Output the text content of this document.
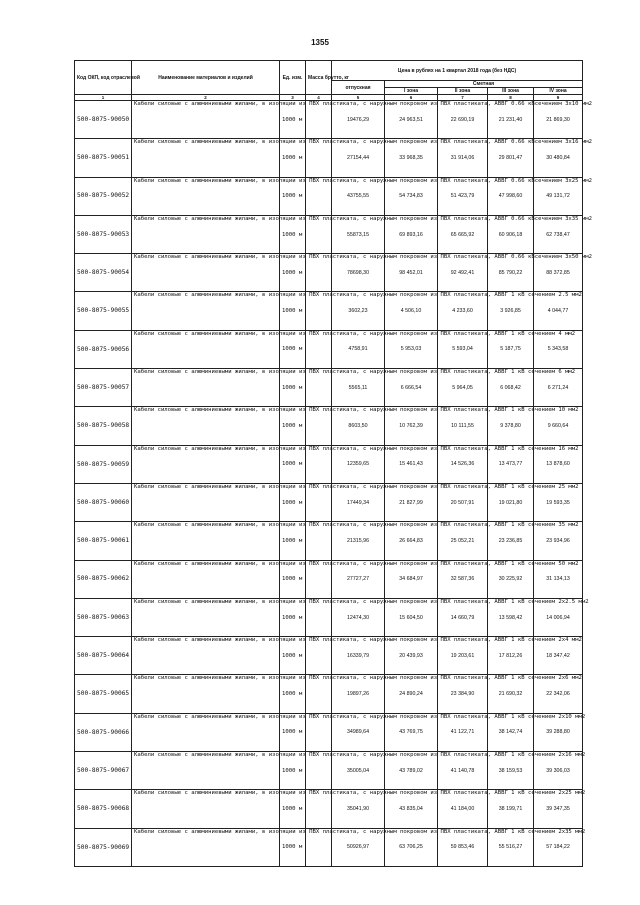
1355
Код ОКП, код отраслевой	Наименование материалов и изделий	Ед. изм.	Масса брутто, кг	Цена в рублях на 1 квартал 2018 года (без НДС)				
				отпускная	Сметная			
					I зона	II зона	III зона	IV зона
1	2	3	4	5	6	7	8	9
500-8075-90050	Кабели силовые с алюминиевыми жилами, в изоляции из ПВХ пластиката, с наружным покровом из ПВХ пластиката, АВВГ 0.66 кВсечением 3х10 мм2	1000 м		19476,29	24 963,51	22 690,19	21 231,40	21 869,30
500-8075-90051	Кабели силовые с алюминиевыми жилами, в изоляции из ПВХ пластиката, с наружным покровом из ПВХ пластиката, АВВГ 0.66 кВсечением 3х16 мм2	1000 м		27154,44	33 968,35	31 914,06	29 801,47	30 480,84
500-8075-90052	Кабели силовые с алюминиевыми жилами, в изоляции из ПВХ пластиката, с наружным покровом из ПВХ пластиката, АВВГ 0.66 кВсечением 3х25 мм2	1000 м		43755,55	54 734,83	51 423,79	47 998,60	49 131,72
500-8075-90053	Кабели силовые с алюминиевыми жилами, в изоляции из ПВХ пластиката, с наружным покровом из ПВХ пластиката, АВВГ 0.66 кВсечением 3х35 мм2	1000 м		55873,15	69 893,16	65 665,92	60 906,18	62 738,47
500-8075-90054	Кабели силовые с алюминиевыми жилами, в изоляции из ПВХ пластиката, с наружным покровом из ПВХ пластиката, АВВГ 0.66 кВсечением 3х50 мм2	1000 м		78698,30	98 452,01	92 492,41	85 790,22	88 372,85
500-8075-90055	Кабели силовые с алюминиевыми жилами, в изоляции из ПВХ пластиката, с наружным покровом из ПВХ пластиката, АВВГ 1 кВ сечением 2.5 мм2	1000 м		3602,23	4 506,10	4 233,60	3 926,85	4 044,77
500-8075-90056	Кабели силовые с алюминиевыми жилами, в изоляции из ПВХ пластиката, с наружным покровом из ПВХ пластиката, АВВГ 1 кВ сечением 4 мм2	1000 м		4758,91	5 953,03	5 593,04	5 187,75	5 343,58
500-8075-90057	Кабели силовые с алюминиевыми жилами, в изоляции из ПВХ пластиката, с наружным покровом из ПВХ пластиката, АВВГ 1 кВ сечением 6 мм2	1000 м		5565,11	6 666,54	5 964,05	6 068,42	6 271,24
500-8075-90058	Кабели силовые с алюминиевыми жилами, в изоляции из ПВХ пластиката, с наружным покровом из ПВХ пластиката, АВВГ 1 кВ сечением 10 мм2	1000 м		8603,50	10 762,39	10 111,55	9 378,80	9 660,64
500-8075-90059	Кабели силовые с алюминиевыми жилами, в изоляции из ПВХ пластиката, с наружным покровом из ПВХ пластиката, АВВГ 1 кВ сечением 16 мм2	1000 м		12359,65	15 461,43	14 526,36	13 473,77	13 878,60
500-8075-90060	Кабели силовые с алюминиевыми жилами, в изоляции из ПВХ пластиката, с наружным покровом из ПВХ пластиката, АВВГ 1 кВ сечением 25 мм2	1000 м		17449,34	21 827,99	20 507,91	19 021,80	19 593,35
500-8075-90061	Кабели силовые с алюминиевыми жилами, в изоляции из ПВХ пластиката, с наружным покровом из ПВХ пластиката, АВВГ 1 кВ сечением 35 мм2	1000 м		21315,96	26 664,83	25 052,21	23 236,85	23 934,96
500-8075-90062	Кабели силовые с алюминиевыми жилами, в изоляции из ПВХ пластиката, с наружным покровом из ПВХ пластиката, АВВГ 1 кВ сечением 50 мм2	1000 м		27727,27	34 684,97	32 587,36	30 225,92	31 134,13
500-8075-90063	Кабели силовые с алюминиевыми жилами, в изоляции из ПВХ пластиката, с наружным покровом из ПВХ пластиката, АВВГ 1 кВ сечением 2х2.5 мм2	1000 м		12474,30	15 604,50	14 660,79	13 598,42	14 006,94
500-8075-90064	Кабели силовые с алюминиевыми жилами, в изоляции из ПВХ пластиката, с наружным покровом из ПВХ пластиката, АВВГ 1 кВ сечением 2х4 мм2	1000 м		16339,79	20 439,93	19 203,61	17 812,26	18 347,42
500-8075-90065	Кабели силовые с алюминиевыми жилами, в изоляции из ПВХ пластиката, с наружным покровом из ПВХ пластиката, АВВГ 1 кВ сечением 2х6 мм2	1000 м		19897,26	24 890,24	23 384,90	21 690,32	22 342,06
500-8075-90066	Кабели силовые с алюминиевыми жилами, в изоляции из ПВХ пластиката, с наружным покровом из ПВХ пластиката, АВВГ 1 кВ сечением 2х10 мм2	1000 м		34989,64	43 769,75	41 122,71	38 142,74	39 288,80
500-8075-90067	Кабели силовые с алюминиевыми жилами, в изоляции из ПВХ пластиката, с наружным покровом из ПВХ пластиката, АВВГ 1 кВ сечением 2х16 мм2	1000 м		35005,04	43 789,02	41 140,78	38 159,53	39 306,03
500-8075-90068	Кабели силовые с алюминиевыми жилами, в изоляции из ПВХ пластиката, с наружным покровом из ПВХ пластиката, АВВГ 1 кВ сечением 2х25 мм2	1000 м		35041,90	43 835,04	41 184,00	38 199,71	39 347,35
500-8075-90069	Кабели силовые с алюминиевыми жилами, в изоляции из ПВХ пластиката, с наружным покровом из ПВХ пластиката, АВВГ 1 кВ сечением 2х35 мм2	1000 м		50926,97	63 706,25	59 853,46	55 516,27	57 184,22
